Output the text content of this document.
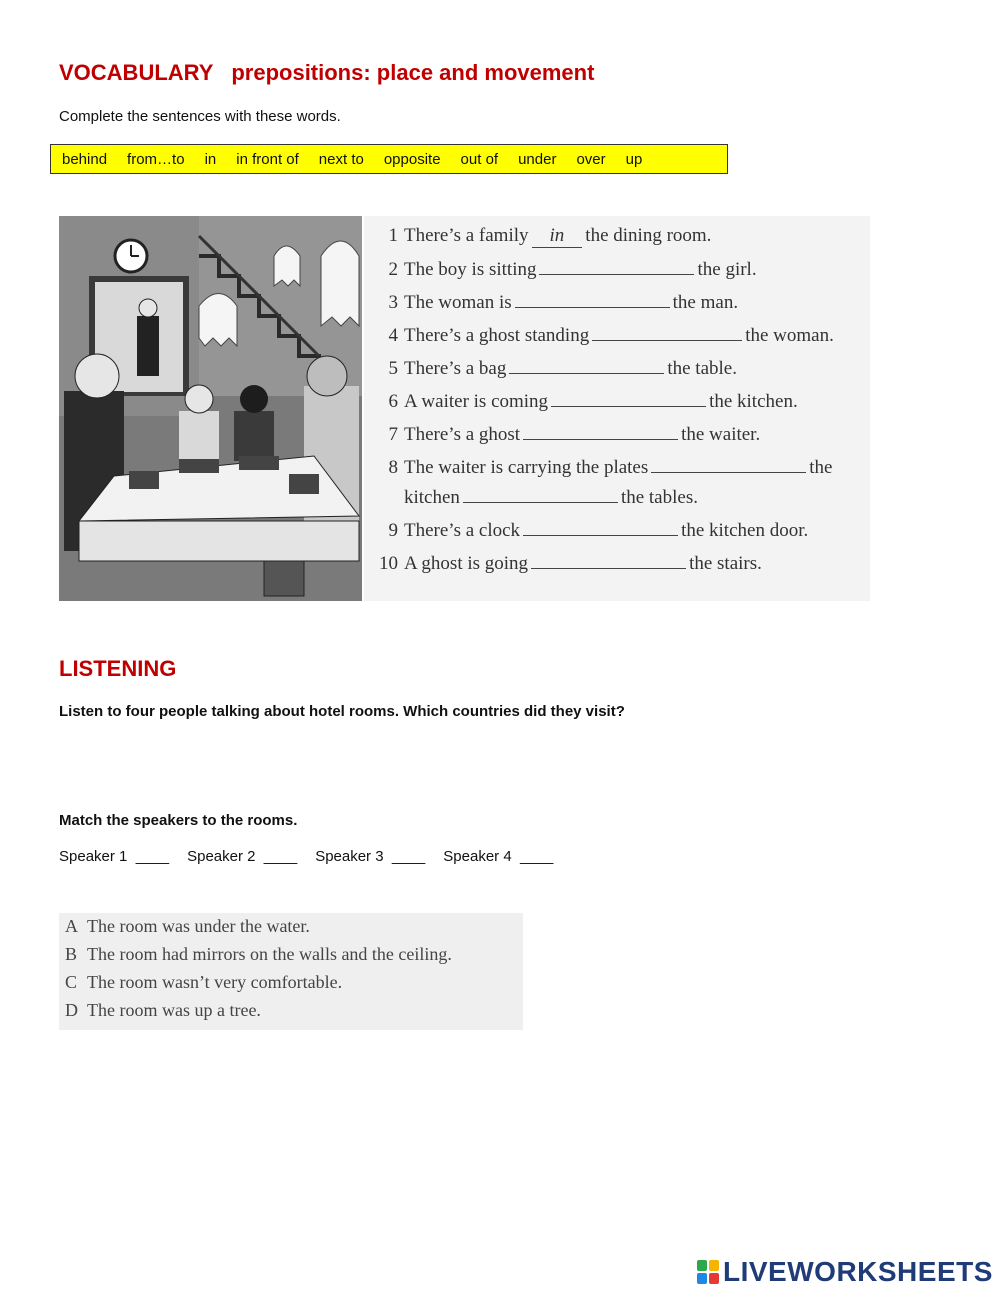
VOCABULARY   prepositions: place and movement
Complete the sentences with these words.
behind from…to in in front of next to opposite out of under over up
1 There’s a family in the dining room.
2 The boy is sitting	the girl.
3 The woman is	the man.
4 There’s a ghost standing	the woman.
5 There’s a bag	the table.
6 A waiter is coming	the kitchen.
7 There’s a ghost	the waiter.
8 The waiter is carrying the plates	the
kitchen	the tables.
9 There’s a clock	the kitchen door.
10 A ghost is going	the stairs.
LISTENING
Listen to four people talking about hotel rooms. Which countries did they visit?
Match the speakers to the rooms.
Speaker 1  ____ Speaker 2  ____ Speaker 3  ____ Speaker 4  ____
A The room was under the water.
B The room had mirrors on the walls and the ceiling.
C The room wasn’t very comfortable.
D The room was up a tree.
LIVEWORKSHEETS
